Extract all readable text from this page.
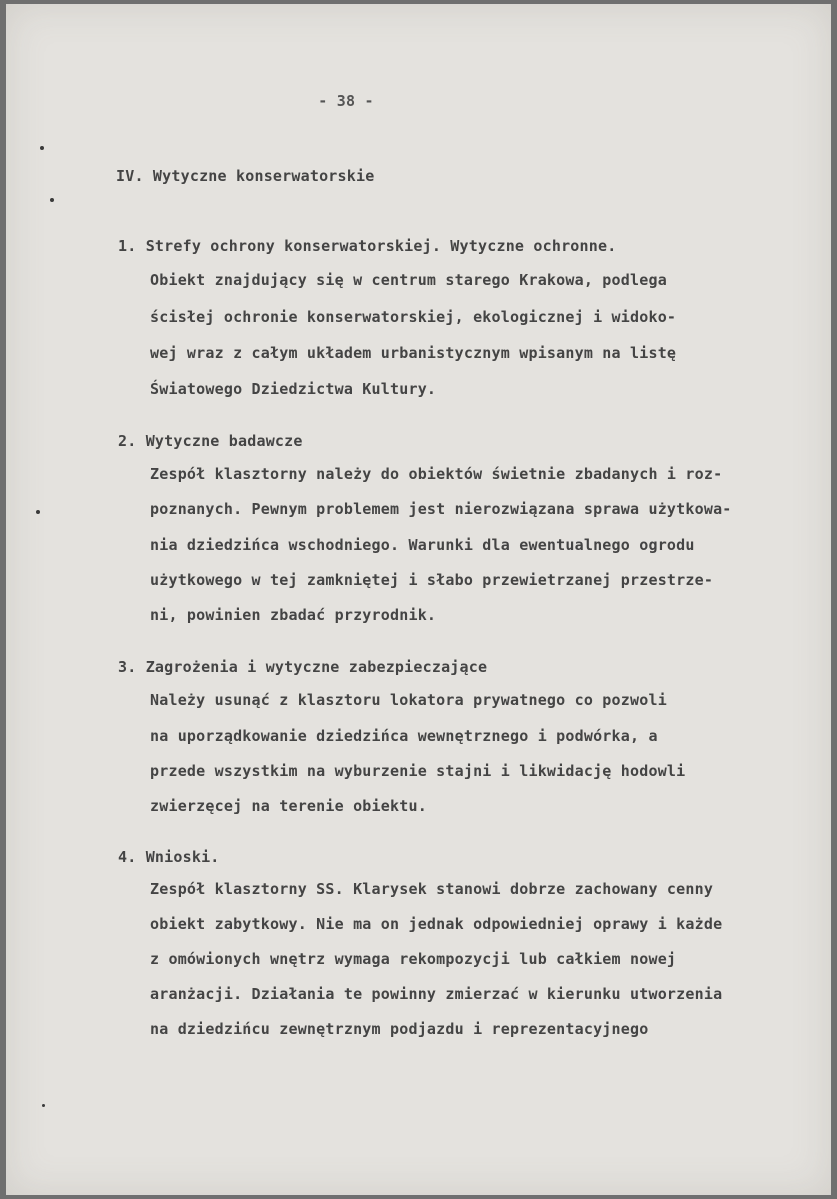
- 38 -
IV. Wytyczne konserwatorskie
1. Strefy ochrony konserwatorskiej. Wytyczne ochronne.
Obiekt znajdujący się w centrum starego Krakowa, podlega
ścisłej ochronie konserwatorskiej, ekologicznej i widoko-
wej wraz z całym układem urbanistycznym wpisanym na listę
Światowego Dziedzictwa Kultury.
2. Wytyczne badawcze
Zespół klasztorny należy do obiektów świetnie zbadanych i roz-
poznanych. Pewnym problemem jest nierozwiązana sprawa użytkowa-
nia dziedzińca wschodniego. Warunki dla ewentualnego ogrodu
użytkowego w tej zamkniętej i słabo przewietrzanej przestrze-
ni, powinien zbadać przyrodnik.
3. Zagrożenia i wytyczne zabezpieczające
Należy usunąć z klasztoru lokatora prywatnego co pozwoli
na uporządkowanie dziedzińca wewnętrznego i podwórka, a
przede wszystkim na wyburzenie stajni i likwidację hodowli
zwierzęcej na terenie obiektu.
4. Wnioski.
Zespół klasztorny SS. Klarysek stanowi dobrze zachowany cenny
obiekt zabytkowy. Nie ma on jednak odpowiedniej oprawy i każde
z omówionych wnętrz wymaga rekompozycji lub całkiem nowej
aranżacji. Działania te powinny zmierzać w kierunku utworzenia
na dziedzińcu zewnętrznym podjazdu i reprezentacyjnego
